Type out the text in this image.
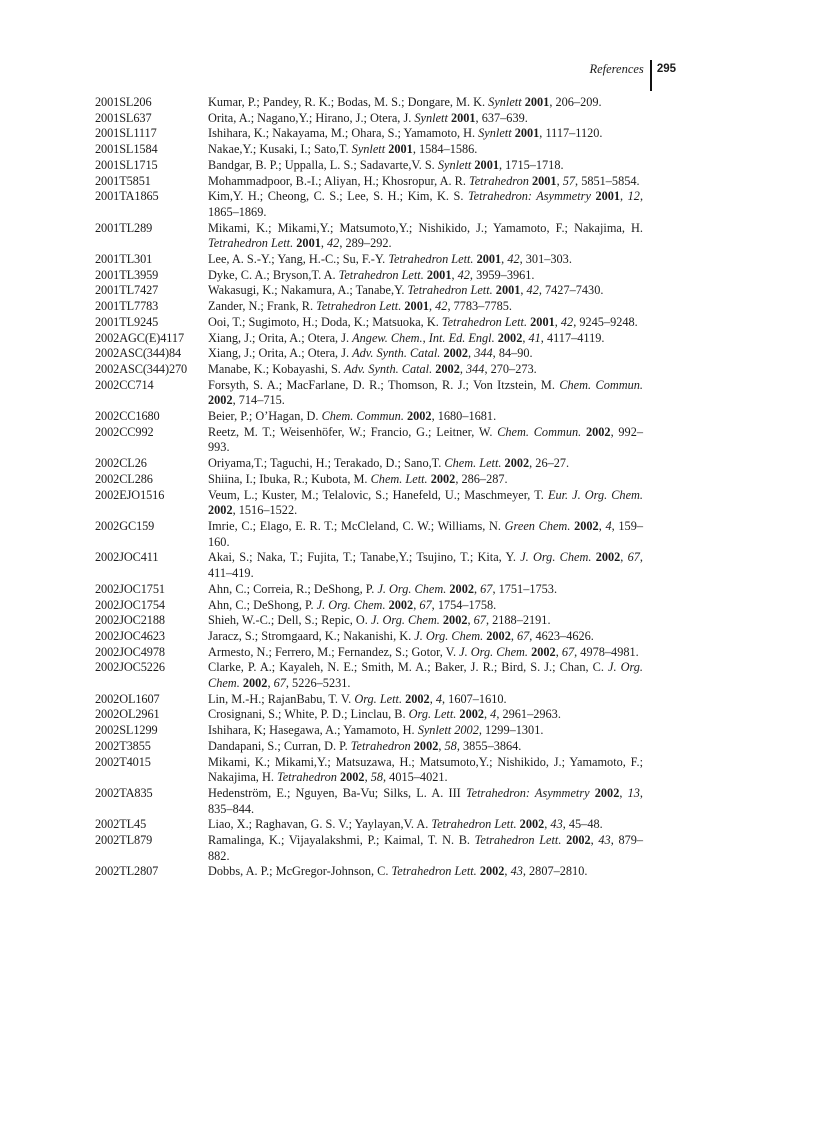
References	295
2001SL206	Kumar, P.; Pandey, R. K.; Bodas, M. S.; Dongare, M. K. Synlett 2001, 206–209.
2001SL637	Orita, A.; Nagano,Y.; Hirano, J.; Otera, J. Synlett 2001, 637–639.
2001SL1117	Ishihara, K.; Nakayama, M.; Ohara, S.; Yamamoto, H. Synlett 2001, 1117–1120.
2001SL1584	Nakae,Y.; Kusaki, I.; Sato,T. Synlett 2001, 1584–1586.
2001SL1715	Bandgar, B. P.; Uppalla, L. S.; Sadavarte,V. S. Synlett 2001, 1715–1718.
2001T5851	Mohammadpoor, B.-I.; Aliyan, H.; Khosropur, A. R. Tetrahedron 2001, 57, 5851–5854.
2001TA1865	Kim,Y. H.; Cheong, C. S.; Lee, S. H.; Kim, K. S. Tetrahedron: Asymmetry 2001, 12, 1865–1869.
2001TL289	Mikami, K.; Mikami,Y.; Matsumoto,Y.; Nishikido, J.; Yamamoto, F.; Nakajima, H. Tetrahedron Lett. 2001, 42, 289–292.
2001TL301	Lee, A. S.-Y.; Yang, H.-C.; Su, F.-Y. Tetrahedron Lett. 2001, 42, 301–303.
2001TL3959	Dyke, C. A.; Bryson,T. A. Tetrahedron Lett. 2001, 42, 3959–3961.
2001TL7427	Wakasugi, K.; Nakamura, A.; Tanabe,Y. Tetrahedron Lett. 2001, 42, 7427–7430.
2001TL7783	Zander, N.; Frank, R. Tetrahedron Lett. 2001, 42, 7783–7785.
2001TL9245	Ooi, T.; Sugimoto, H.; Doda, K.; Matsuoka, K. Tetrahedron Lett. 2001, 42, 9245–9248.
2002AGC(E)4117	Xiang, J.; Orita, A.; Otera, J. Angew. Chem., Int. Ed. Engl. 2002, 41, 4117–4119.
2002ASC(344)84	Xiang, J.; Orita, A.; Otera, J. Adv. Synth. Catal. 2002, 344, 84–90.
2002ASC(344)270	Manabe, K.; Kobayashi, S. Adv. Synth. Catal. 2002, 344, 270–273.
2002CC714	Forsyth, S. A.; MacFarlane, D. R.; Thomson, R. J.; Von Itzstein, M. Chem. Commun. 2002, 714–715.
2002CC1680	Beier, P.; O’Hagan, D. Chem. Commun. 2002, 1680–1681.
2002CC992	Reetz, M. T.; Weisenhöfer, W.; Francio, G.; Leitner, W. Chem. Commun. 2002, 992–993.
2002CL26	Oriyama,T.; Taguchi, H.; Terakado, D.; Sano,T. Chem. Lett. 2002, 26–27.
2002CL286	Shiina, I.; Ibuka, R.; Kubota, M. Chem. Lett. 2002, 286–287.
2002EJO1516	Veum, L.; Kuster, M.; Telalovic, S.; Hanefeld, U.; Maschmeyer, T. Eur. J. Org. Chem. 2002, 1516–1522.
2002GC159	Imrie, C.; Elago, E. R. T.; McCleland, C. W.; Williams, N. Green Chem. 2002, 4, 159–160.
2002JOC411	Akai, S.; Naka, T.; Fujita, T.; Tanabe,Y.; Tsujino, T.; Kita, Y. J. Org. Chem. 2002, 67, 411–419.
2002JOC1751	Ahn, C.; Correia, R.; DeShong, P. J. Org. Chem. 2002, 67, 1751–1753.
2002JOC1754	Ahn, C.; DeShong, P. J. Org. Chem. 2002, 67, 1754–1758.
2002JOC2188	Shieh, W.-C.; Dell, S.; Repic, O. J. Org. Chem. 2002, 67, 2188–2191.
2002JOC4623	Jaracz, S.; Stromgaard, K.; Nakanishi, K. J. Org. Chem. 2002, 67, 4623–4626.
2002JOC4978	Armesto, N.; Ferrero, M.; Fernandez, S.; Gotor, V. J. Org. Chem. 2002, 67, 4978–4981.
2002JOC5226	Clarke, P. A.; Kayaleh, N. E.; Smith, M. A.; Baker, J. R.; Bird, S. J.; Chan, C. J. Org. Chem. 2002, 67, 5226–5231.
2002OL1607	Lin, M.-H.; RajanBabu, T. V. Org. Lett. 2002, 4, 1607–1610.
2002OL2961	Crosignani, S.; White, P. D.; Linclau, B. Org. Lett. 2002, 4, 2961–2963.
2002SL1299	Ishihara, K; Hasegawa, A.; Yamamoto, H. Synlett 2002, 1299–1301.
2002T3855	Dandapani, S.; Curran, D. P. Tetrahedron 2002, 58, 3855–3864.
2002T4015	Mikami, K.; Mikami,Y.; Matsuzawa, H.; Matsumoto,Y.; Nishikido, J.; Yamamoto, F.; Nakajima, H. Tetrahedron 2002, 58, 4015–4021.
2002TA835	Hedenström, E.; Nguyen, Ba-Vu; Silks, L. A. III Tetrahedron: Asymmetry 2002, 13, 835–844.
2002TL45	Liao, X.; Raghavan, G. S. V.; Yaylayan,V. A. Tetrahedron Lett. 2002, 43, 45–48.
2002TL879	Ramalinga, K.; Vijayalakshmi, P.; Kaimal, T. N. B. Tetrahedron Lett. 2002, 43, 879–882.
2002TL2807	Dobbs, A. P.; McGregor-Johnson, C. Tetrahedron Lett. 2002, 43, 2807–2810.
